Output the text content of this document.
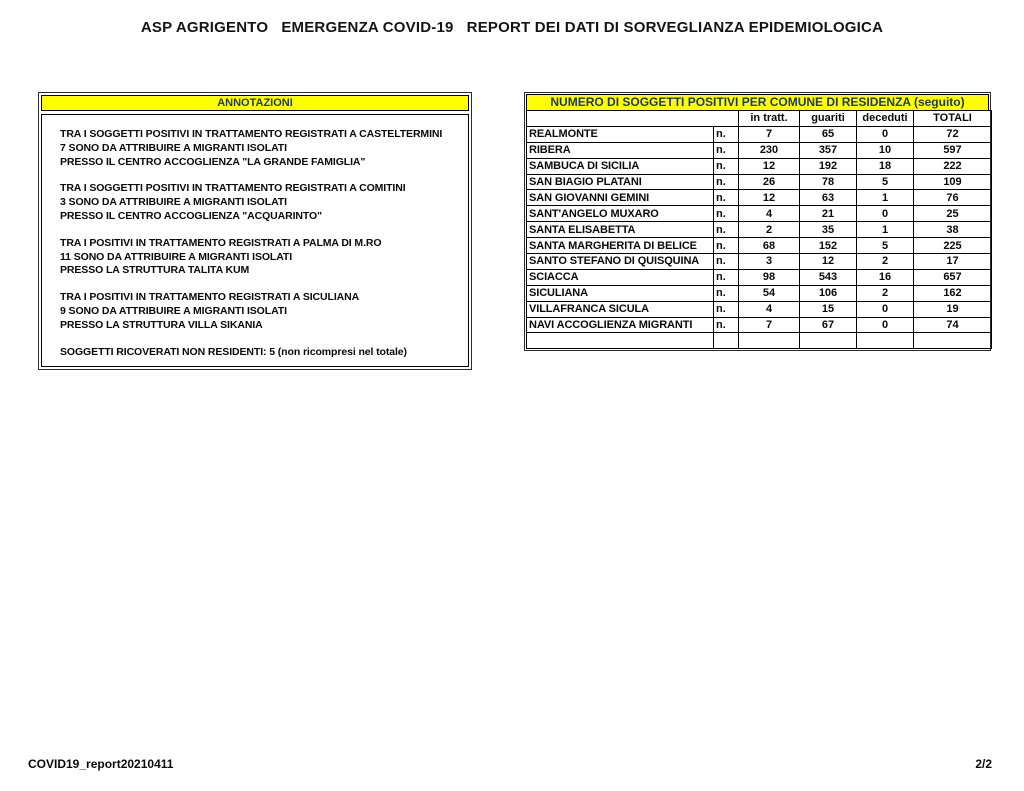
ASP AGRIGENTO   EMERGENZA COVID-19   REPORT DEI DATI DI SORVEGLIANZA EPIDEMIOLOGICA
ANNOTAZIONI
TRA I SOGGETTI POSITIVI IN TRATTAMENTO REGISTRATI A CASTELTERMINI
7 SONO DA ATTRIBUIRE A MIGRANTI ISOLATI
PRESSO IL CENTRO ACCOGLIENZA "LA GRANDE FAMIGLIA"
TRA I SOGGETTI POSITIVI IN TRATTAMENTO REGISTRATI A COMITINI
3 SONO DA ATTRIBUIRE A MIGRANTI ISOLATI
PRESSO IL CENTRO ACCOGLIENZA "ACQUARINTO"
TRA I POSITIVI IN TRATTAMENTO REGISTRATI A PALMA DI M.RO
11 SONO DA ATTRIBUIRE A MIGRANTI ISOLATI
PRESSO LA STRUTTURA TALITA KUM
TRA I POSITIVI IN TRATTAMENTO REGISTRATI A SICULIANA
9 SONO DA ATTRIBUIRE A MIGRANTI ISOLATI
PRESSO LA STRUTTURA VILLA SIKANIA
SOGGETTI RICOVERATI NON RESIDENTI: 5 (non ricompresi nel totale)
NUMERO DI SOGGETTI POSITIVI PER COMUNE DI RESIDENZA (seguito)
		in tratt.	guariti	deceduti	TOTALI
REALMONTE	n.	7	65	0	72
RIBERA	n.	230	357	10	597
SAMBUCA DI SICILIA	n.	12	192	18	222
SAN BIAGIO PLATANI	n.	26	78	5	109
SAN GIOVANNI GEMINI	n.	12	63	1	76
SANT'ANGELO MUXARO	n.	4	21	0	25
SANTA ELISABETTA	n.	2	35	1	38
SANTA MARGHERITA DI BELICE	n.	68	152	5	225
SANTO STEFANO DI QUISQUINA	n.	3	12	2	17
SCIACCA	n.	98	543	16	657
SICULIANA	n.	54	106	2	162
VILLAFRANCA SICULA	n.	4	15	0	19
NAVI ACCOGLIENZA MIGRANTI	n.	7	67	0	74

COVID19_report20210411	2/2
